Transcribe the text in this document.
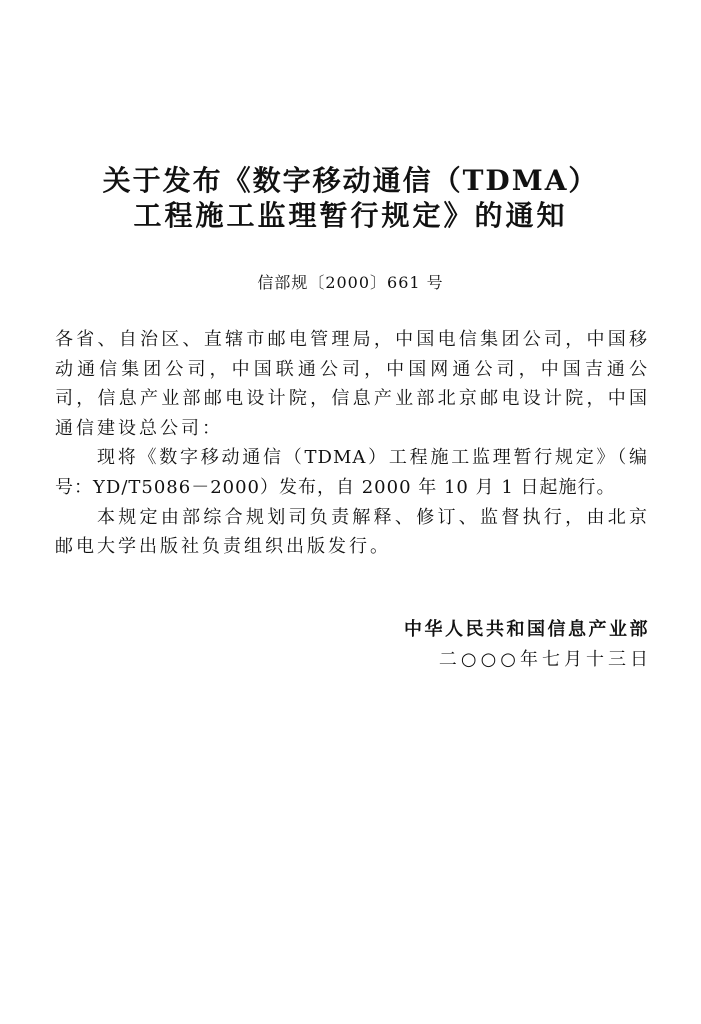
关于发布《数字移动通信（TDMA）
工程施工监理暂行规定》的通知
信部规〔2000〕661 号
各省、自治区、直辖市邮电管理局，中国电信集团公司，中国移
动通信集团公司，中国联通公司，中国网通公司，中国吉通公
司，信息产业部邮电设计院，信息产业部北京邮电设计院，中国
通信建设总公司：
现将《数字移动通信（TDMA）工程施工监理暂行规定》（编
号：YD/T5086－2000）发布，自 2000 年 10 月 1 日起施行。
本规定由部综合规划司负责解释、修订、监督执行，由北京
邮电大学出版社负责组织出版发行。
中华人民共和国信息产业部
二○○○年七月十三日
